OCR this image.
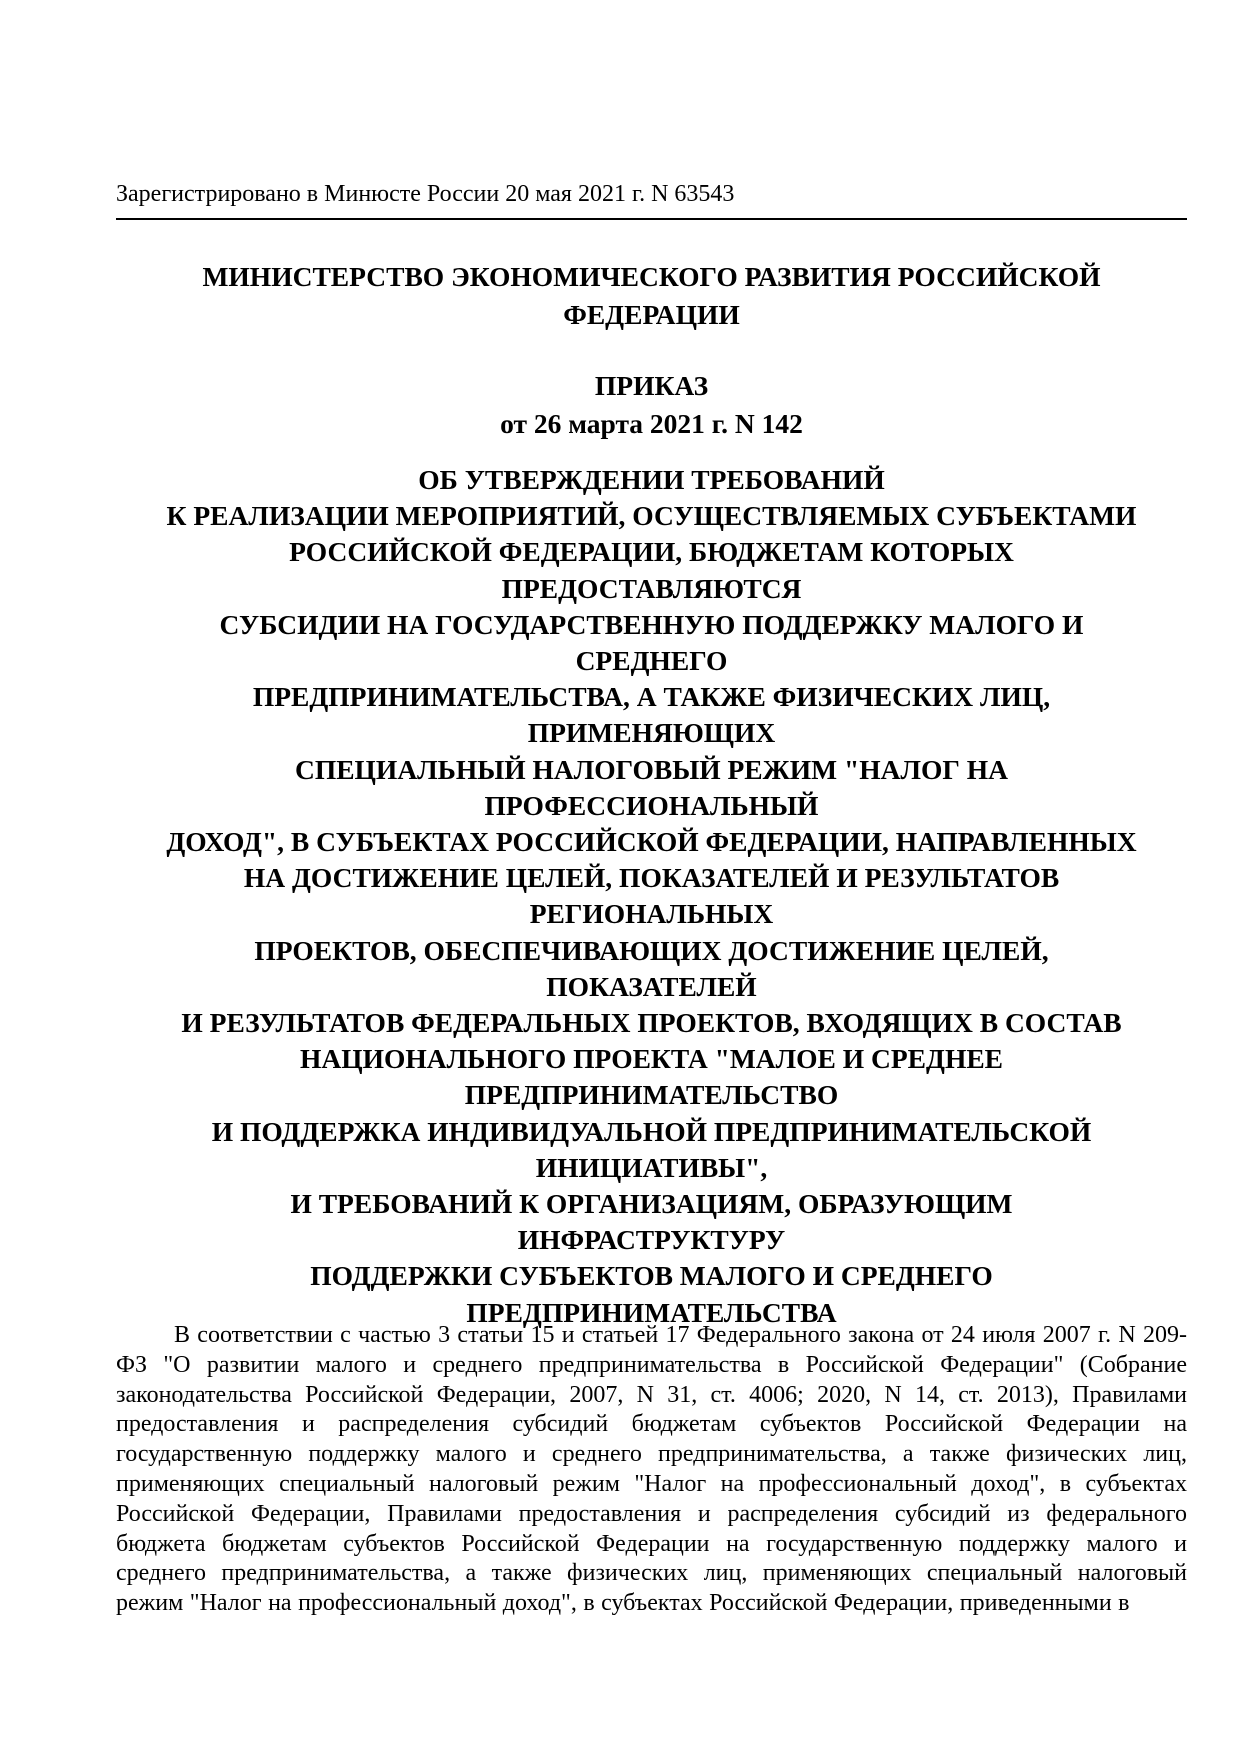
Зарегистрировано в Минюсте России 20 мая 2021 г. N 63543
МИНИСТЕРСТВО ЭКОНОМИЧЕСКОГО РАЗВИТИЯ РОССИЙСКОЙ
ФЕДЕРАЦИИ
ПРИКАЗ
от 26 марта 2021 г. N 142
ОБ УТВЕРЖДЕНИИ ТРЕБОВАНИЙ
К РЕАЛИЗАЦИИ МЕРОПРИЯТИЙ, ОСУЩЕСТВЛЯЕМЫХ СУБЪЕКТАМИ
РОССИЙСКОЙ ФЕДЕРАЦИИ, БЮДЖЕТАМ КОТОРЫХ
ПРЕДОСТАВЛЯЮТСЯ
СУБСИДИИ НА ГОСУДАРСТВЕННУЮ ПОДДЕРЖКУ МАЛОГО И
СРЕДНЕГО
ПРЕДПРИНИМАТЕЛЬСТВА, А ТАКЖЕ ФИЗИЧЕСКИХ ЛИЦ,
ПРИМЕНЯЮЩИХ
СПЕЦИАЛЬНЫЙ НАЛОГОВЫЙ РЕЖИМ "НАЛОГ НА
ПРОФЕССИОНАЛЬНЫЙ
ДОХОД", В СУБЪЕКТАХ РОССИЙСКОЙ ФЕДЕРАЦИИ, НАПРАВЛЕННЫХ
НА ДОСТИЖЕНИЕ ЦЕЛЕЙ, ПОКАЗАТЕЛЕЙ И РЕЗУЛЬТАТОВ
РЕГИОНАЛЬНЫХ
ПРОЕКТОВ, ОБЕСПЕЧИВАЮЩИХ ДОСТИЖЕНИЕ ЦЕЛЕЙ,
ПОКАЗАТЕЛЕЙ
И РЕЗУЛЬТАТОВ ФЕДЕРАЛЬНЫХ ПРОЕКТОВ, ВХОДЯЩИХ В СОСТАВ
НАЦИОНАЛЬНОГО ПРОЕКТА "МАЛОЕ И СРЕДНЕЕ
ПРЕДПРИНИМАТЕЛЬСТВО
И ПОДДЕРЖКА ИНДИВИДУАЛЬНОЙ ПРЕДПРИНИМАТЕЛЬСКОЙ
ИНИЦИАТИВЫ",
И ТРЕБОВАНИЙ К ОРГАНИЗАЦИЯМ, ОБРАЗУЮЩИМ
ИНФРАСТРУКТУРУ
ПОДДЕРЖКИ СУБЪЕКТОВ МАЛОГО И СРЕДНЕГО
ПРЕДПРИНИМАТЕЛЬСТВА

В соответствии с частью 3 статьи 15 и статьей 17 Федерального закона от 24 июля 2007 г. N 209-ФЗ "О развитии малого и среднего предпринимательства в Российской Федерации" (Собрание законодательства Российской Федерации, 2007, N 31, ст. 4006; 2020, N 14, ст. 2013), Правилами предоставления и распределения субсидий бюджетам субъектов Российской Федерации на государственную поддержку малого и среднего предпринимательства, а также физических лиц, применяющих специальный налоговый режим "Налог на профессиональный доход", в субъектах Российской Федерации, Правилами предоставления и распределения субсидий из федерального бюджета бюджетам субъектов Российской Федерации на государственную поддержку малого и среднего предпринимательства, а также физических лиц, применяющих специальный налоговый режим "Налог на профессиональный доход", в субъектах Российской Федерации, приведенными в
